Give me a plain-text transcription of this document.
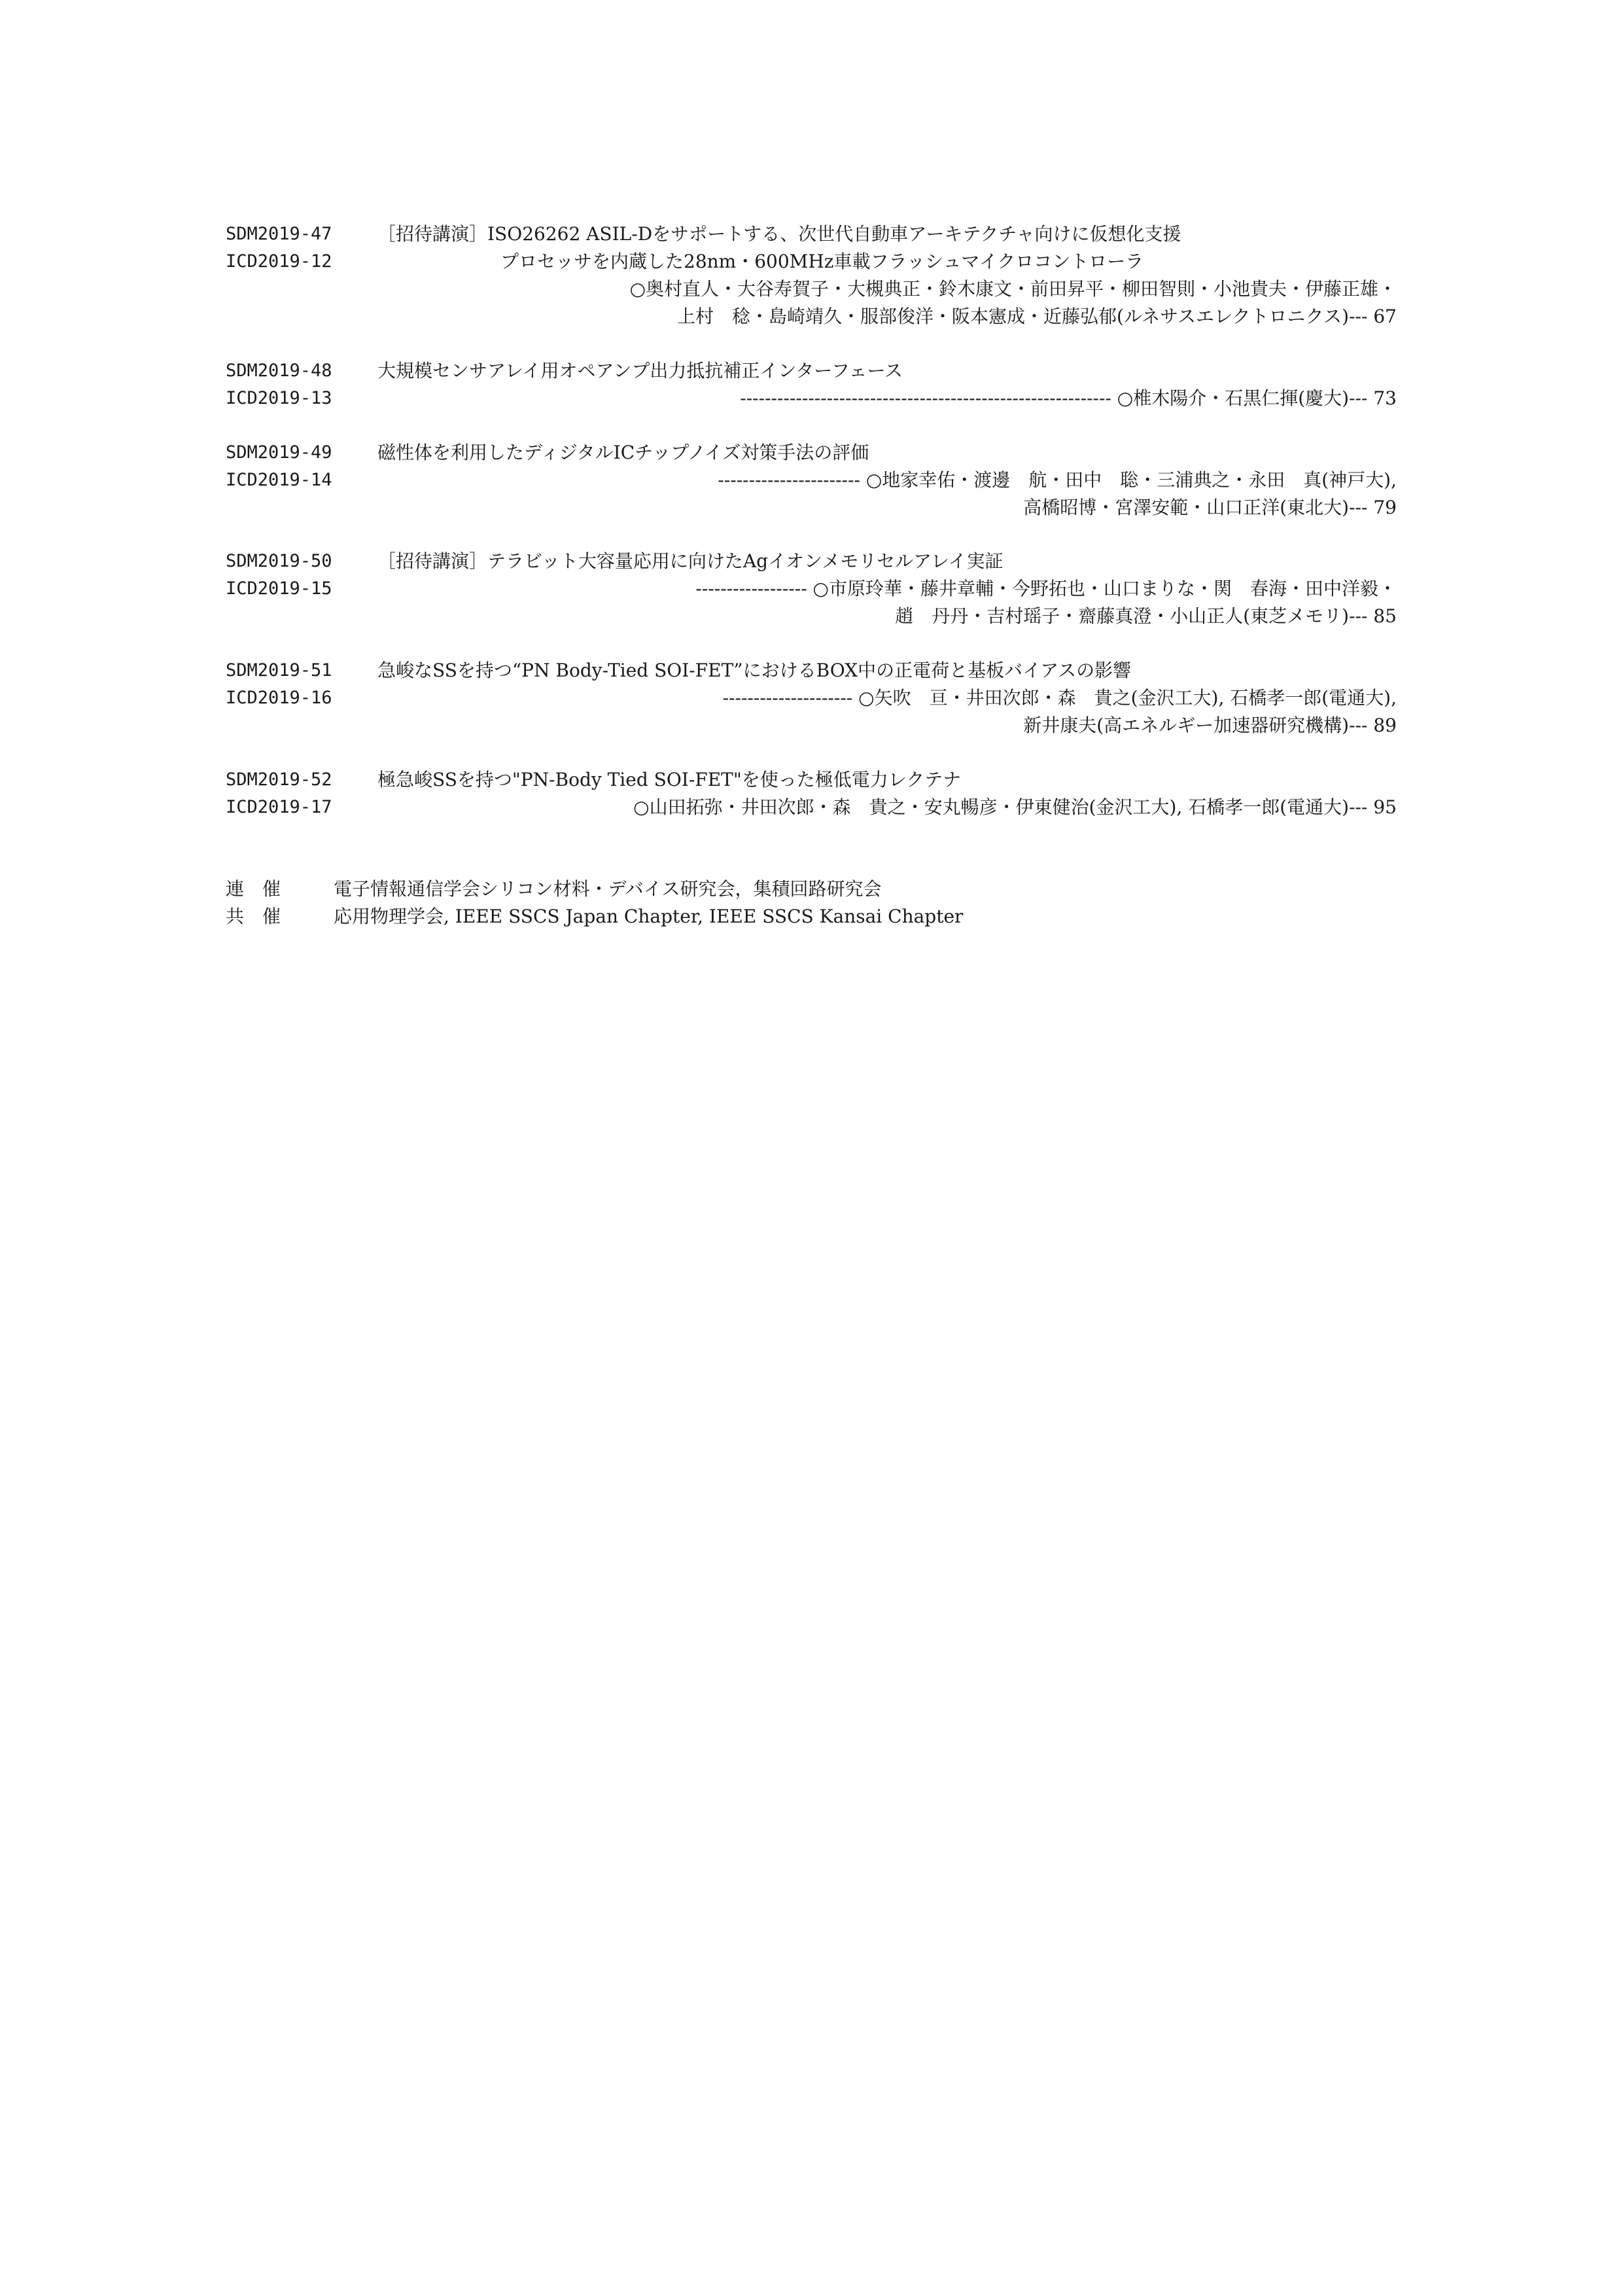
SDM2019-47	［招待講演］ISO26262 ASIL-Dをサポートする、次世代自動車アーキテクチャ向けに仮想化支援
ICD2019-12	プロセッサを内蔵した28nm・600MHz車載フラッシュマイクロコントローラ
○奥村直人・大谷寿賀子・大槻典正・鈴木康文・前田昇平・柳田智則・小池貴夫・伊藤正雄・
上村　稔・島崎靖久・服部俊洋・阪本憲成・近藤弘郁(ルネサスエレクトロニクス)--- 67
SDM2019-48	大規模センサアレイ用オペアンプ出力抵抗補正インターフェース
ICD2019-13	------------------------------------------------------------ ○椎木陽介・石黒仁揮(慶大)--- 73
SDM2019-49	磁性体を利用したディジタルICチップノイズ対策手法の評価
ICD2019-14	----------------------- ○地家幸佑・渡邊　航・田中　聡・三浦典之・永田　真(神戸大),
高橋昭博・宮澤安範・山口正洋(東北大)--- 79
SDM2019-50	［招待講演］テラビット大容量応用に向けたAgイオンメモリセルアレイ実証
ICD2019-15	------------------ ○市原玲華・藤井章輔・今野拓也・山口まりな・関　春海・田中洋毅・
趙　丹丹・吉村瑶子・齋藤真澄・小山正人(東芝メモリ)--- 85
SDM2019-51	急峻なSSを持つ“PN Body-Tied SOI-FET”におけるBOX中の正電荷と基板バイアスの影響
ICD2019-16	--------------------- ○矢吹　亘・井田次郎・森　貴之(金沢工大), 石橋孝一郎(電通大),
新井康夫(高エネルギー加速器研究機構)--- 89
SDM2019-52	極急峻SSを持つ"PN-Body Tied SOI-FET"を使った極低電力レクテナ
ICD2019-17	○山田拓弥・井田次郎・森　貴之・安丸暢彦・伊東健治(金沢工大), 石橋孝一郎(電通大)--- 95
連催 電子情報通信学会シリコン材料・デバイス研究会，集積回路研究会
共催 応用物理学会, IEEE SSCS Japan Chapter, IEEE SSCS Kansai Chapter
